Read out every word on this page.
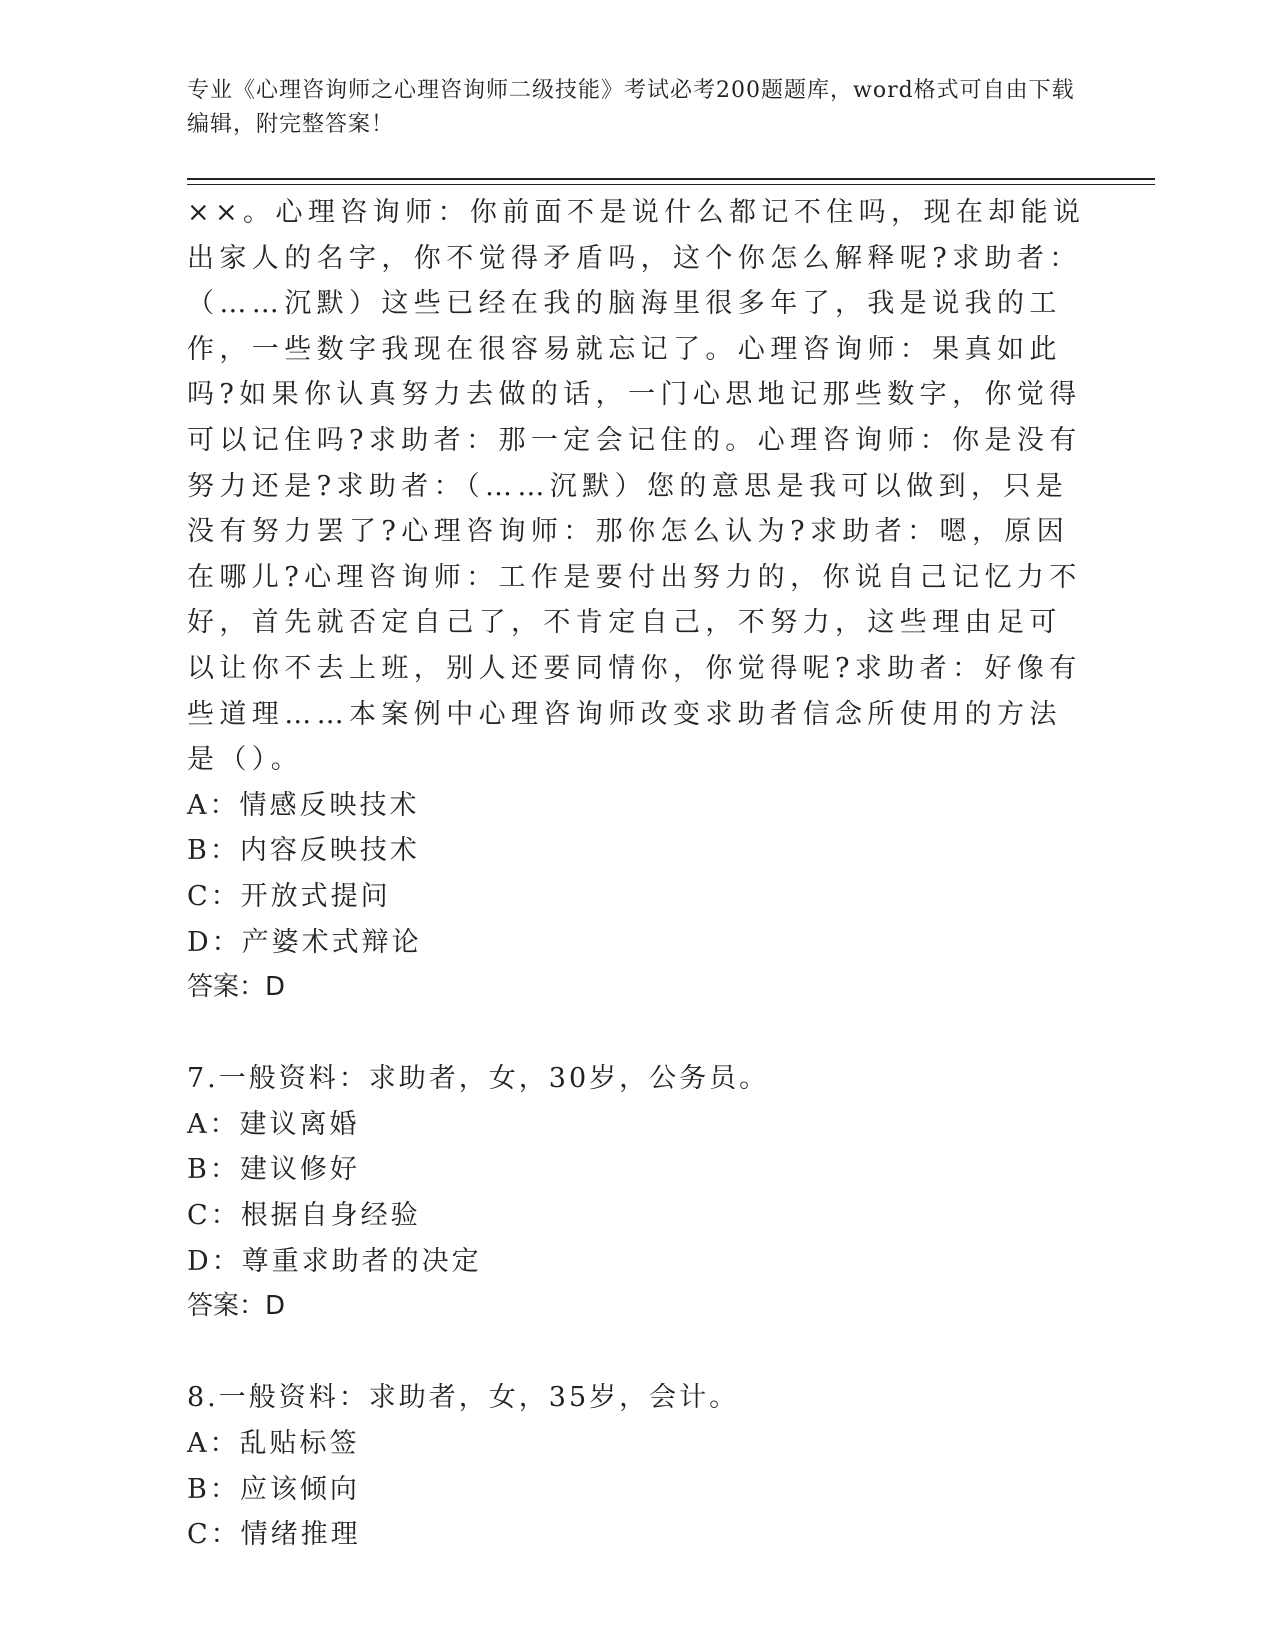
专业《心理咨询师之心理咨询师二级技能》考试必考200题题库，word格式可自由下载编辑，附完整答案！

××。心理咨询师：你前面不是说什么都记不住吗，现在却能说出家人的名字，你不觉得矛盾吗，这个你怎么解释呢?求助者：（……沉默）这些已经在我的脑海里很多年了，我是说我的工作，一些数字我现在很容易就忘记了。心理咨询师：果真如此吗?如果你认真努力去做的话，一门心思地记那些数字，你觉得可以记住吗?求助者：那一定会记住的。心理咨询师：你是没有努力还是?求助者：（……沉默）您的意思是我可以做到，只是没有努力罢了?心理咨询师：那你怎么认为?求助者：嗯，原因在哪儿?心理咨询师：工作是要付出努力的，你说自己记忆力不好，首先就否定自己了，不肯定自己，不努力，这些理由足可以让你不去上班，别人还要同情你，你觉得呢?求助者：好像有些道理……本案例中心理咨询师改变求助者信念所使用的方法是（）。

A：情感反映技术

B：内容反映技术

C：开放式提问

D：产婆术式辩论

答案：D

7.一般资料：求助者，女，30岁，公务员。

A：建议离婚

B：建议修好

C：根据自身经验

D：尊重求助者的决定

答案：D

8.一般资料：求助者，女，35岁，会计。

A：乱贴标签

B：应该倾向

C：情绪推理
